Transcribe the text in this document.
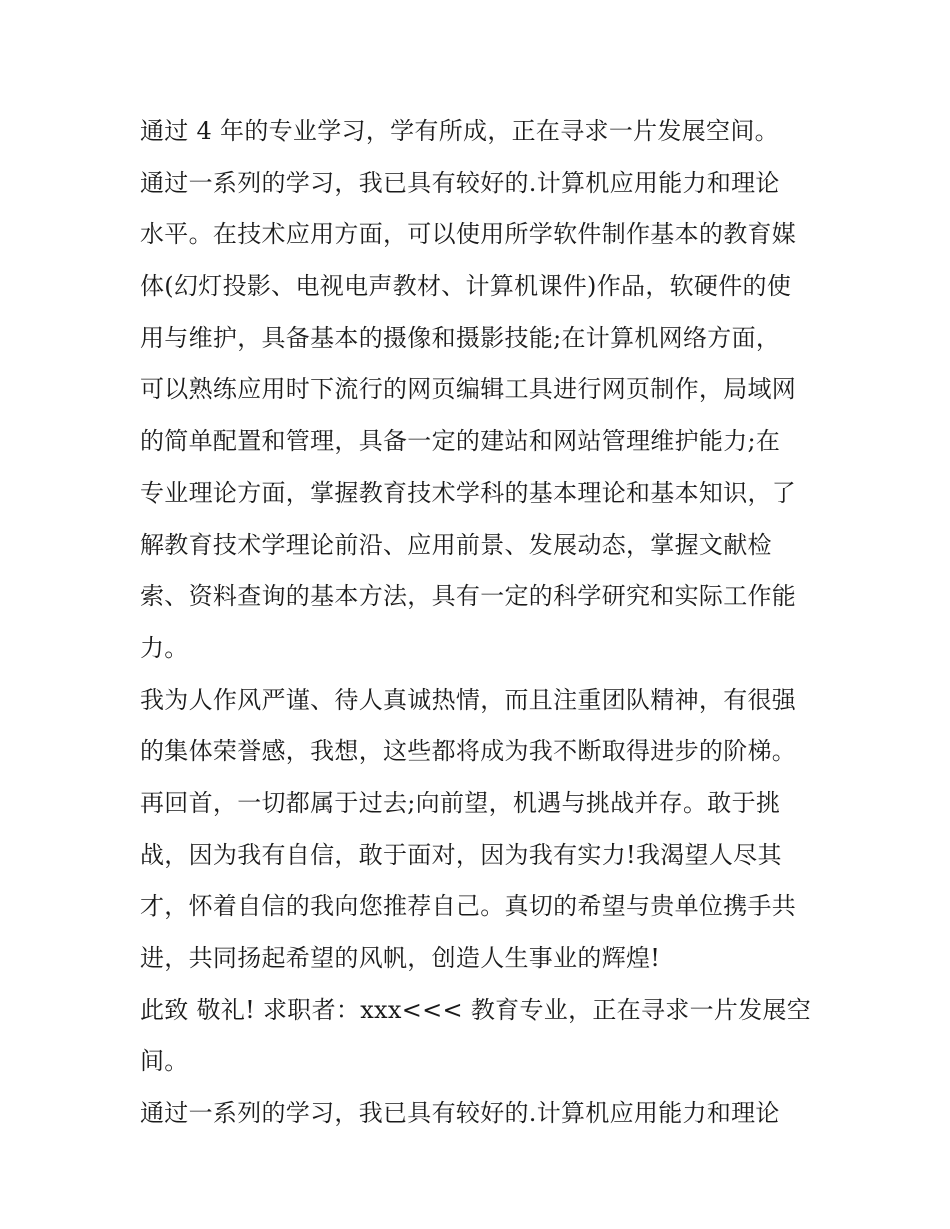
通过 4 年的专业学习，学有所成，正在寻求一片发展空间。
通过一系列的学习，我已具有较好的.计算机应用能力和理论
水平。在技术应用方面，可以使用所学软件制作基本的教育媒
体(幻灯投影、电视电声教材、计算机课件)作品，软硬件的使
用与维护，具备基本的摄像和摄影技能;在计算机网络方面，
可以熟练应用时下流行的网页编辑工具进行网页制作，局域网
的简单配置和管理，具备一定的建站和网站管理维护能力;在
专业理论方面，掌握教育技术学科的基本理论和基本知识，了
解教育技术学理论前沿、应用前景、发展动态，掌握文献检
索、资料查询的基本方法，具有一定的科学研究和实际工作能
力。
我为人作风严谨、待人真诚热情，而且注重团队精神，有很强
的集体荣誉感，我想，这些都将成为我不断取得进步的阶梯。
再回首，一切都属于过去;向前望，机遇与挑战并存。敢于挑
战，因为我有自信，敢于面对，因为我有实力!我渴望人尽其
才，怀着自信的我向您推荐自己。真切的希望与贵单位携手共
进，共同扬起希望的风帆，创造人生事业的辉煌!
此致 敬礼! 求职者：xxx<<< 教育专业，正在寻求一片发展空
间。
通过一系列的学习，我已具有较好的.计算机应用能力和理论
